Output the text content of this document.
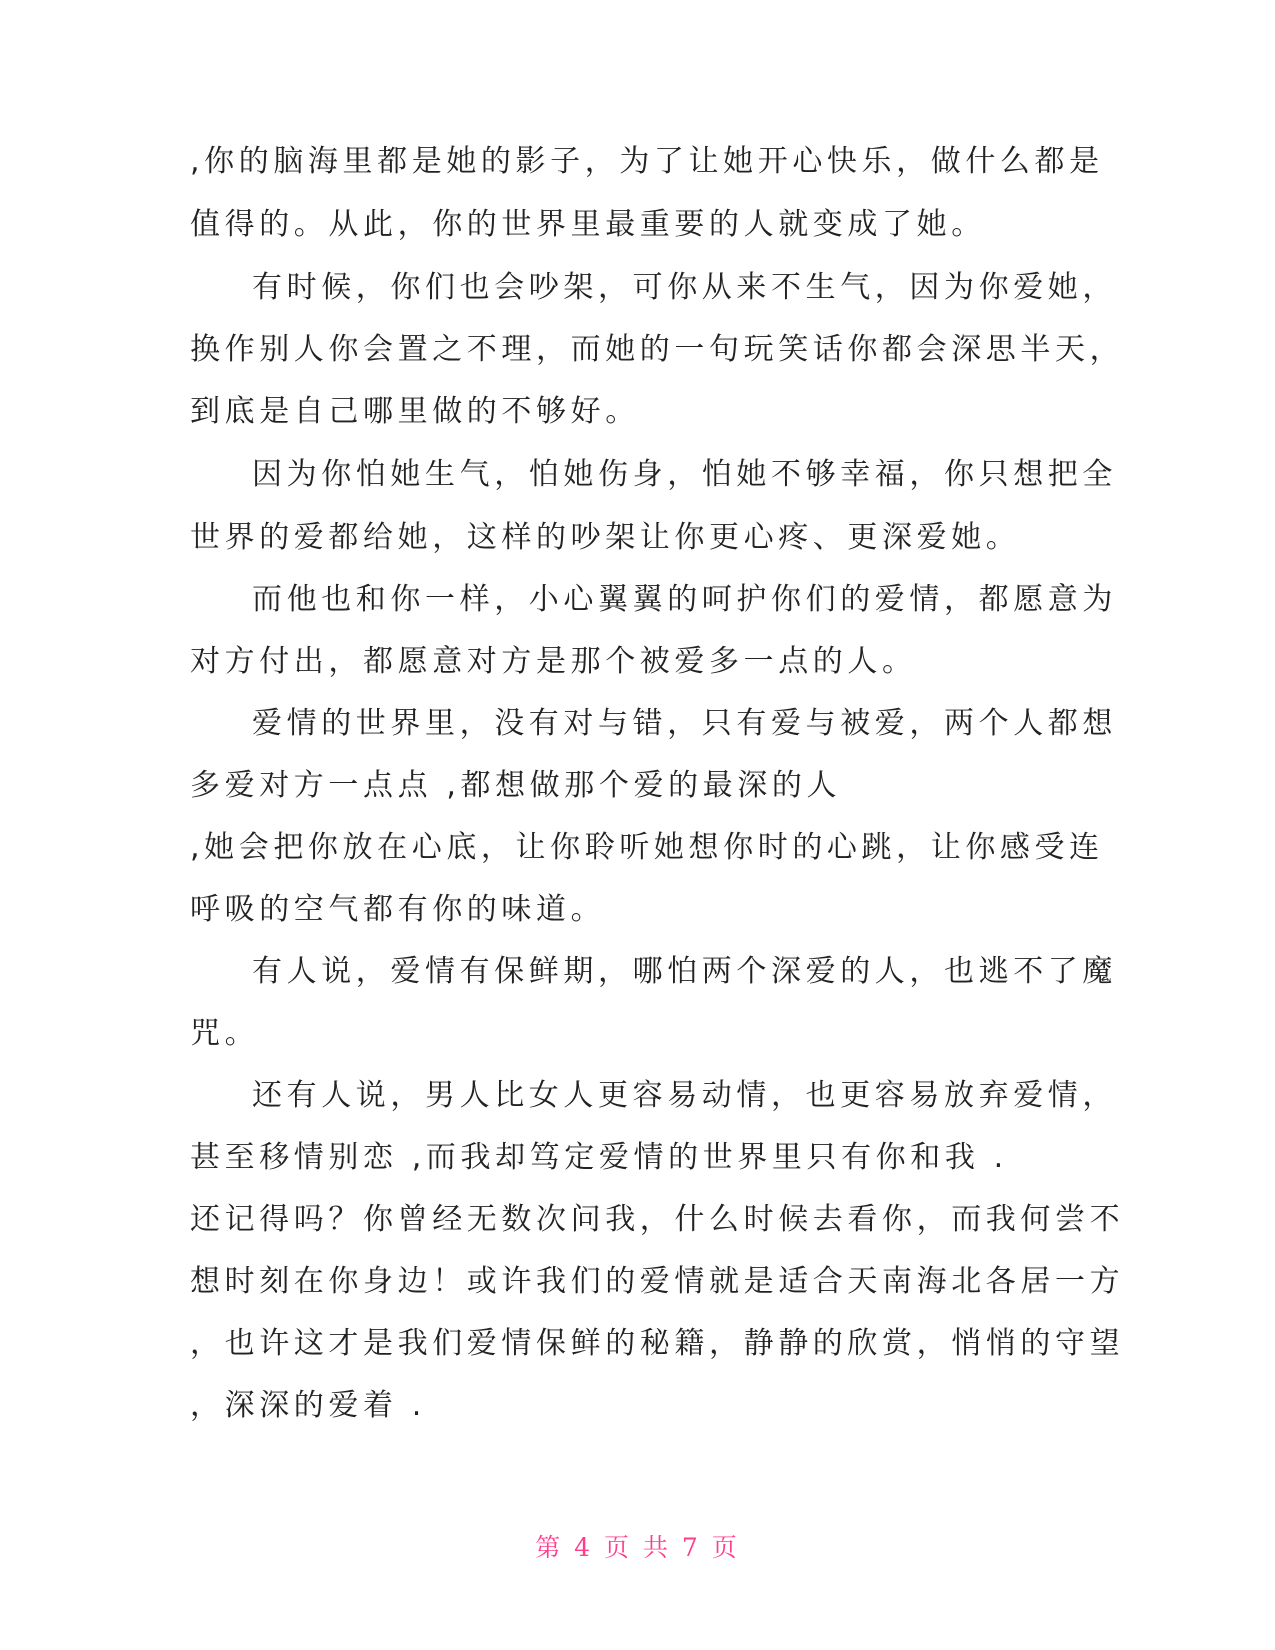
,你的脑海里都是她的影子，为了让她开心快乐，做什么都是
值得的。从此，你的世界里最重要的人就变成了她。
有时候，你们也会吵架，可你从来不生气，因为你爱她，
换作别人你会置之不理，而她的一句玩笑话你都会深思半天，
到底是自己哪里做的不够好。
因为你怕她生气，怕她伤身，怕她不够幸福，你只想把全
世界的爱都给她，这样的吵架让你更心疼、更深爱她。
而他也和你一样，小心翼翼的呵护你们的爱情，都愿意为
对方付出，都愿意对方是那个被爱多一点的人。
爱情的世界里，没有对与错，只有爱与被爱，两个人都想
多爱对方一点点 ,都想做那个爱的最深的人
,她会把你放在心底，让你聆听她想你时的心跳，让你感受连
呼吸的空气都有你的味道。
有人说，爱情有保鲜期，哪怕两个深爱的人，也逃不了魔
咒。
还有人说，男人比女人更容易动情，也更容易放弃爱情，
甚至移情别恋 ,而我却笃定爱情的世界里只有你和我 .
还记得吗？你曾经无数次问我，什么时候去看你，而我何尝不
想时刻在你身边！或许我们的爱情就是适合天南海北各居一方
，也许这才是我们爱情保鲜的秘籍，静静的欣赏，悄悄的守望
，深深的爱着 .
第 4 页 共 7 页
